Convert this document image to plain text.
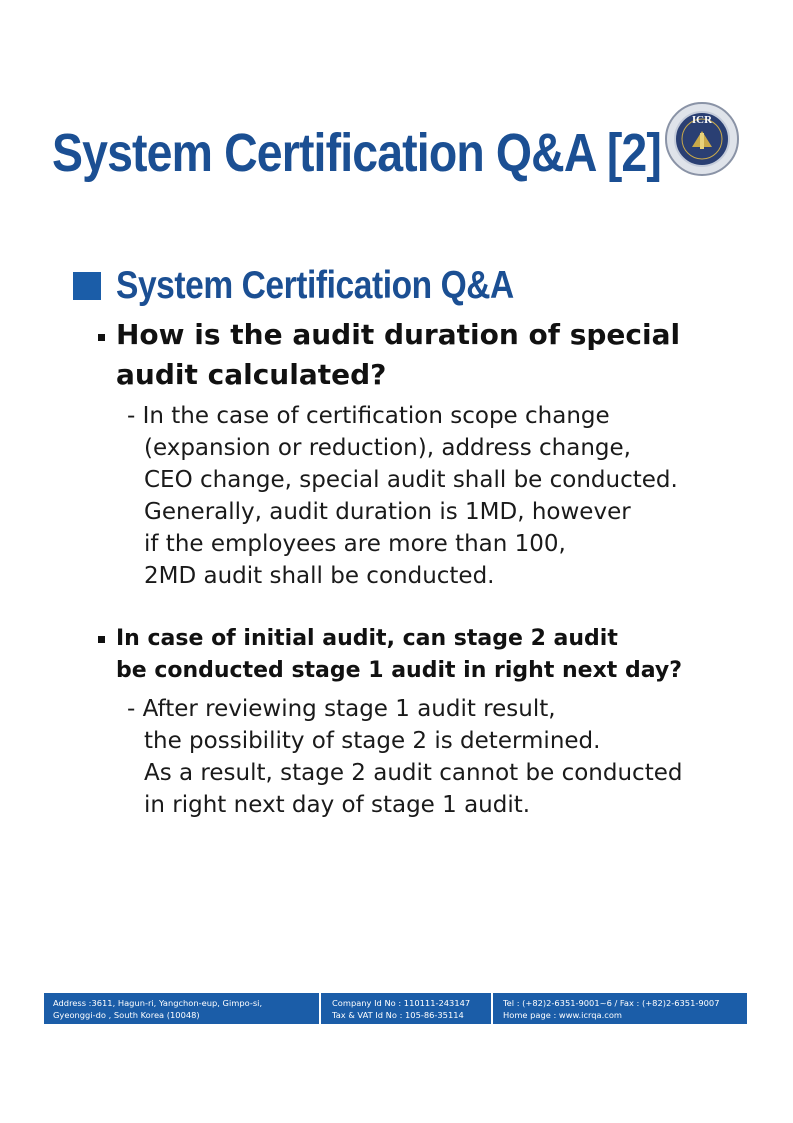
System Certification Q&A [2]
ICR
System Certification Q&A
How is the audit duration of special
audit calculated?
- In the case of certification scope change
(expansion or reduction), address change,
CEO change, special audit shall be conducted.
Generally, audit duration is 1MD, however
if the employees are more than 100,
2MD audit shall be conducted.
In case of initial audit, can stage 2 audit
be conducted stage 1 audit in right next day?
- After reviewing stage 1 audit result,
the possibility of stage 2 is determined.
As a result, stage 2 audit cannot be conducted
in right next day of stage 1 audit.
Address :3611, Hagun-ri, Yangchon-eup, Gimpo-si,
Gyeonggi-do , South Korea (10048)
Company Id No : 110111-243147
Tax & VAT Id No : 105-86-35114
Tel : (+82)2-6351-9001~6 / Fax : (+82)2-6351-9007
Home page : www.icrqa.com
